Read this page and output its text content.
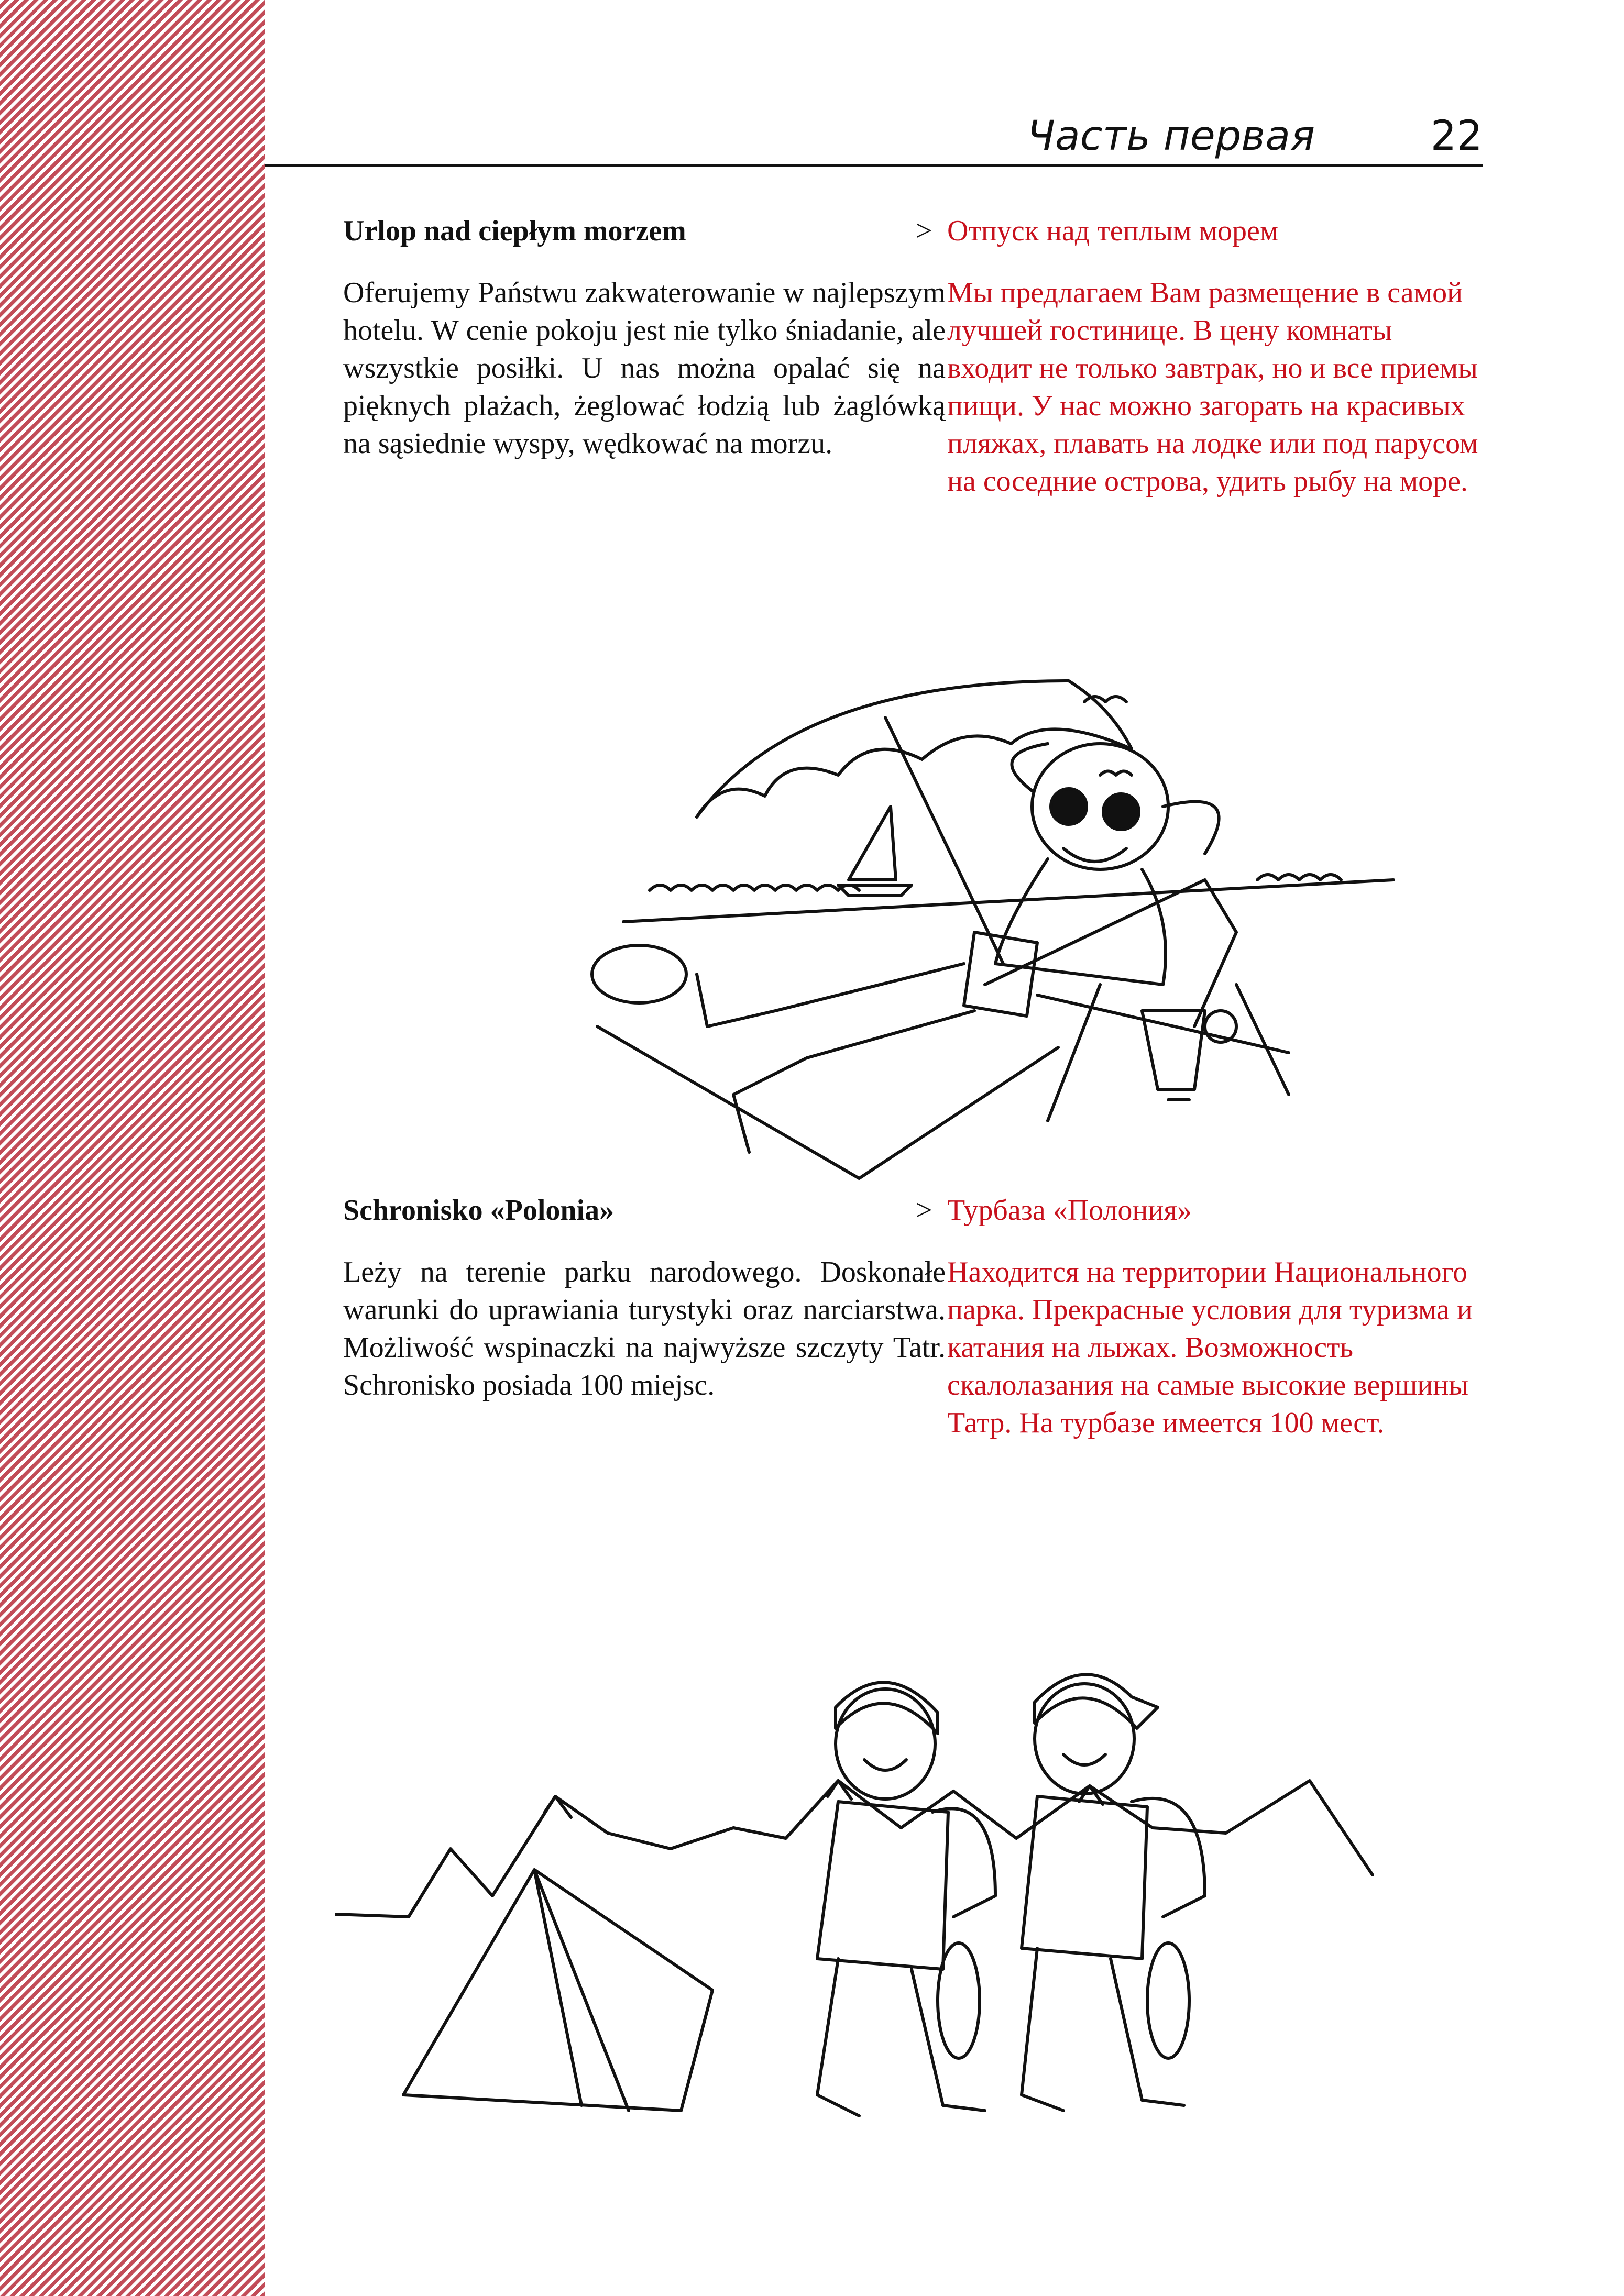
Часть первая	22
Urlop nad ciepłym morzem
Oferujemy Państwu zakwaterowanie w najlepszym hotelu. W cenie pokoju jest nie tylko śniadanie, ale wszystkie posiłki. U nas można opalać się na pięknych plażach, żeglować łodzią lub żaglówką na sąsiednie wyspy, wędkować na morzu.
> Отпуск над теплым морем
Мы предлагаем Вам размещение в самой лучшей гостинице. В цену комнаты входит не только завтрак, но и все приемы пищи. У нас можно загорать на красивых пляжах, плавать на лодке или под парусом на соседние острова, удить рыбу на море.
Schronisko «Polonia»
Leży na terenie parku narodowego. Doskonałe warunki do uprawiania turystyki oraz narciarstwa. Możliwość wspinaczki na najwyższe szczyty Tatr. Schronisko posiada 100 miejsc.
> Турбаза «Полония»
Находится на территории Национального парка. Прекрасные условия для туризма и катания на лыжах. Возможность скалолазания на самые высокие вершины Татр. На турбазе имеется 100 мест.
